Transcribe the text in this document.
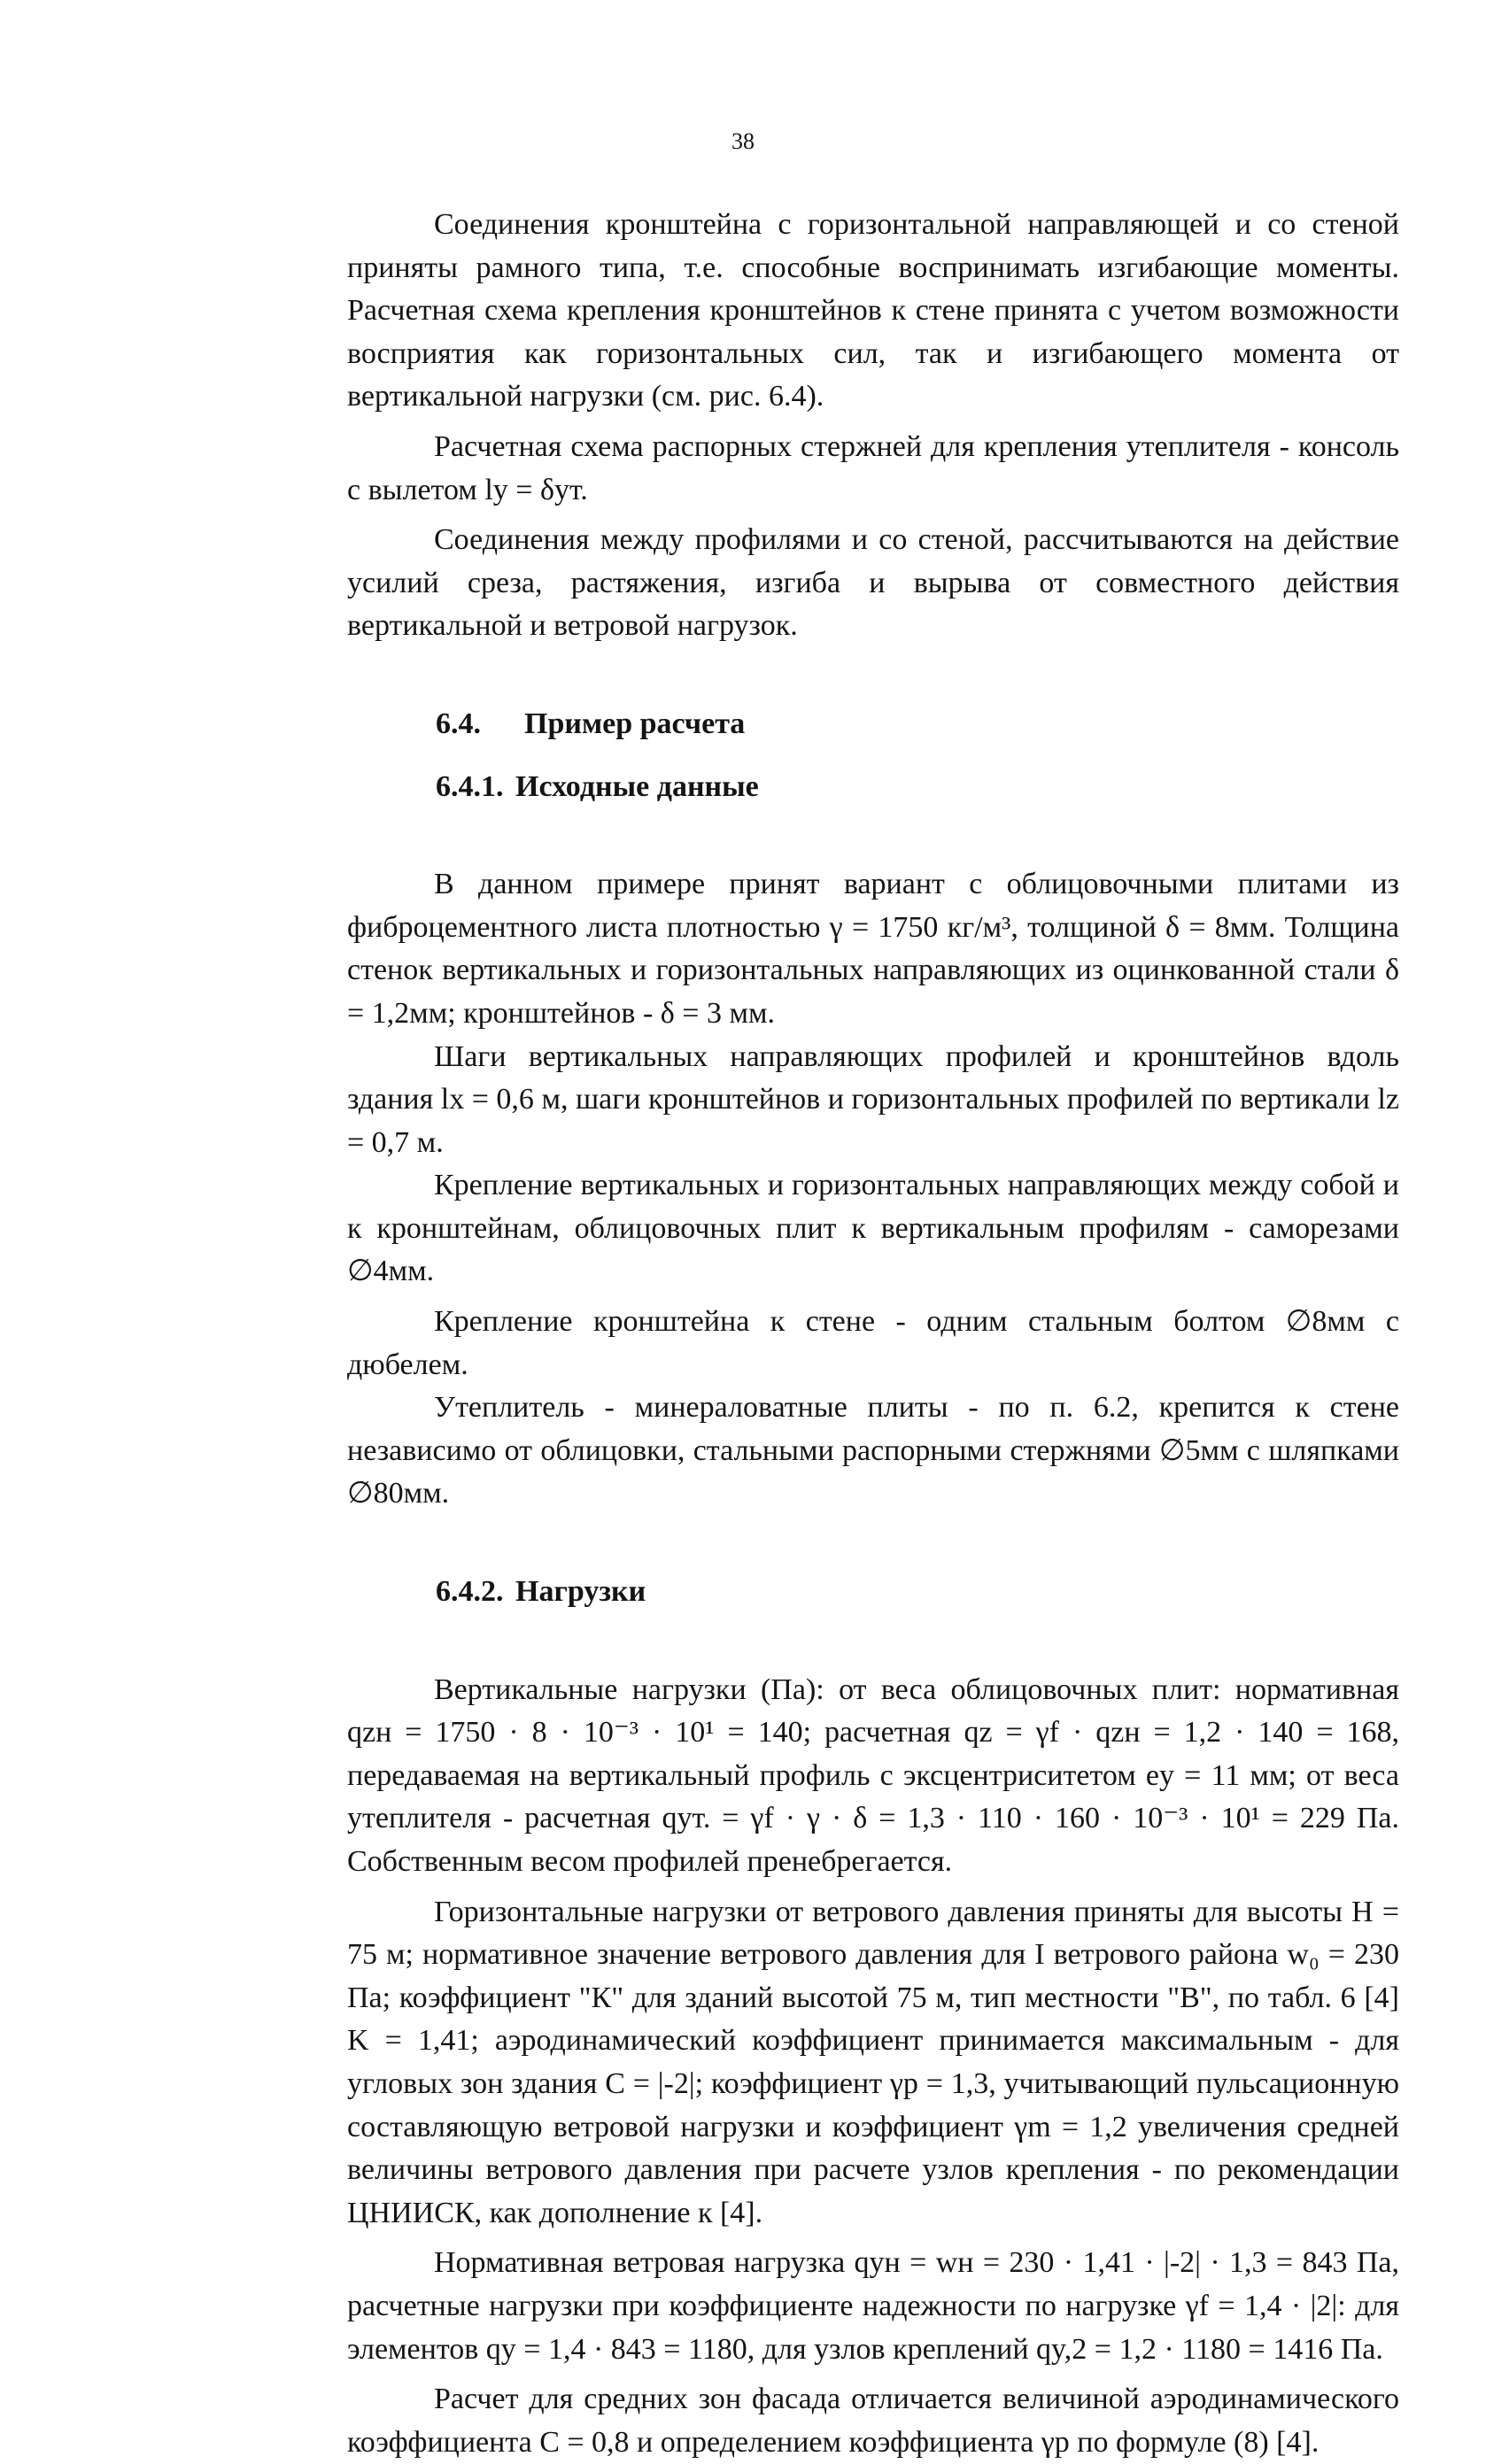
38

Соединения кронштейна с горизонтальной направляющей и со стеной приняты рамного типа, т.е. способные воспринимать изгибающие моменты. Расчетная схема крепления кронштейнов к стене принята с учетом возможности восприятия как горизонтальных сил, так и изгибающего момента от вертикальной нагрузки (см. рис. 6.4).

Расчетная схема распорных стержней для крепления утеплителя - консоль с вылетом lу = δут.

Соединения между профилями и со стеной, рассчитываются на действие усилий среза, растяжения, изгиба и вырыва от совместного действия вертикальной и ветровой нагрузок.

6.4.	Пример расчета
6.4.1. Исходные данные

В данном примере принят вариант с облицовочными плитами из фиброцементного листа плотностью γ = 1750 кг/м³, толщиной δ = 8мм. Толщина стенок вертикальных и горизонтальных направляющих из оцинкованной стали δ = 1,2мм; кронштейнов - δ = 3 мм.

Шаги вертикальных направляющих профилей и кронштейнов вдоль здания lх = 0,6 м, шаги кронштейнов и горизонтальных профилей по вертикали lz = 0,7 м.

Крепление вертикальных и горизонтальных направляющих между собой и к кронштейнам, облицовочных плит к вертикальным профилям - саморезами ∅4мм.

Крепление кронштейна к стене - одним стальным болтом ∅8мм с дюбелем.

Утеплитель - минераловатные плиты - по п. 6.2, крепится к стене независимо от облицовки, стальными распорными стержнями ∅5мм с шляпками ∅80мм.

6.4.2. Нагрузки

Вертикальные нагрузки (Па): от веса облицовочных плит: нормативная qzн = 1750 · 8 · 10⁻³ · 10¹ = 140; расчетная qz = γf · qzн = 1,2 · 140 = 168, передаваемая на вертикальный профиль с эксцентриситетом ey = 11 мм; от веса утеплителя - расчетная qут. = γf · γ · δ = 1,3 · 110 · 160 · 10⁻³ · 10¹ = 229 Па. Собственным весом профилей пренебрегается.

Горизонтальные нагрузки от ветрового давления приняты для высоты H = 75 м; нормативное значение ветрового давления для I ветрового района w₀ = 230 Па; коэффициент "К" для зданий высотой 75 м, тип местности "В", по табл. 6 [4] K = 1,41; аэродинамический коэффициент принимается максимальным - для угловых зон здания C = |-2|; коэффициент γp = 1,3, учитывающий пульсационную составляющую ветровой нагрузки и коэффициент γm = 1,2 увеличения средней величины ветрового давления при расчете узлов крепления - по рекомендации ЦНИИСК, как дополнение к [4].

Нормативная ветровая нагрузка qyн = wн = 230 · 1,41 · |-2| · 1,3 = 843 Па, расчетные нагрузки при коэффициенте надежности по нагрузке γf = 1,4 · |2|: для элементов qy = 1,4 · 843 = 1180, для узлов креплений qy,2 = 1,2 · 1180 = 1416 Па.

Расчет для средних зон фасада отличается величиной аэродинамического коэффициента C = 0,8 и определением коэффициента γp по формуле (8) [4].
